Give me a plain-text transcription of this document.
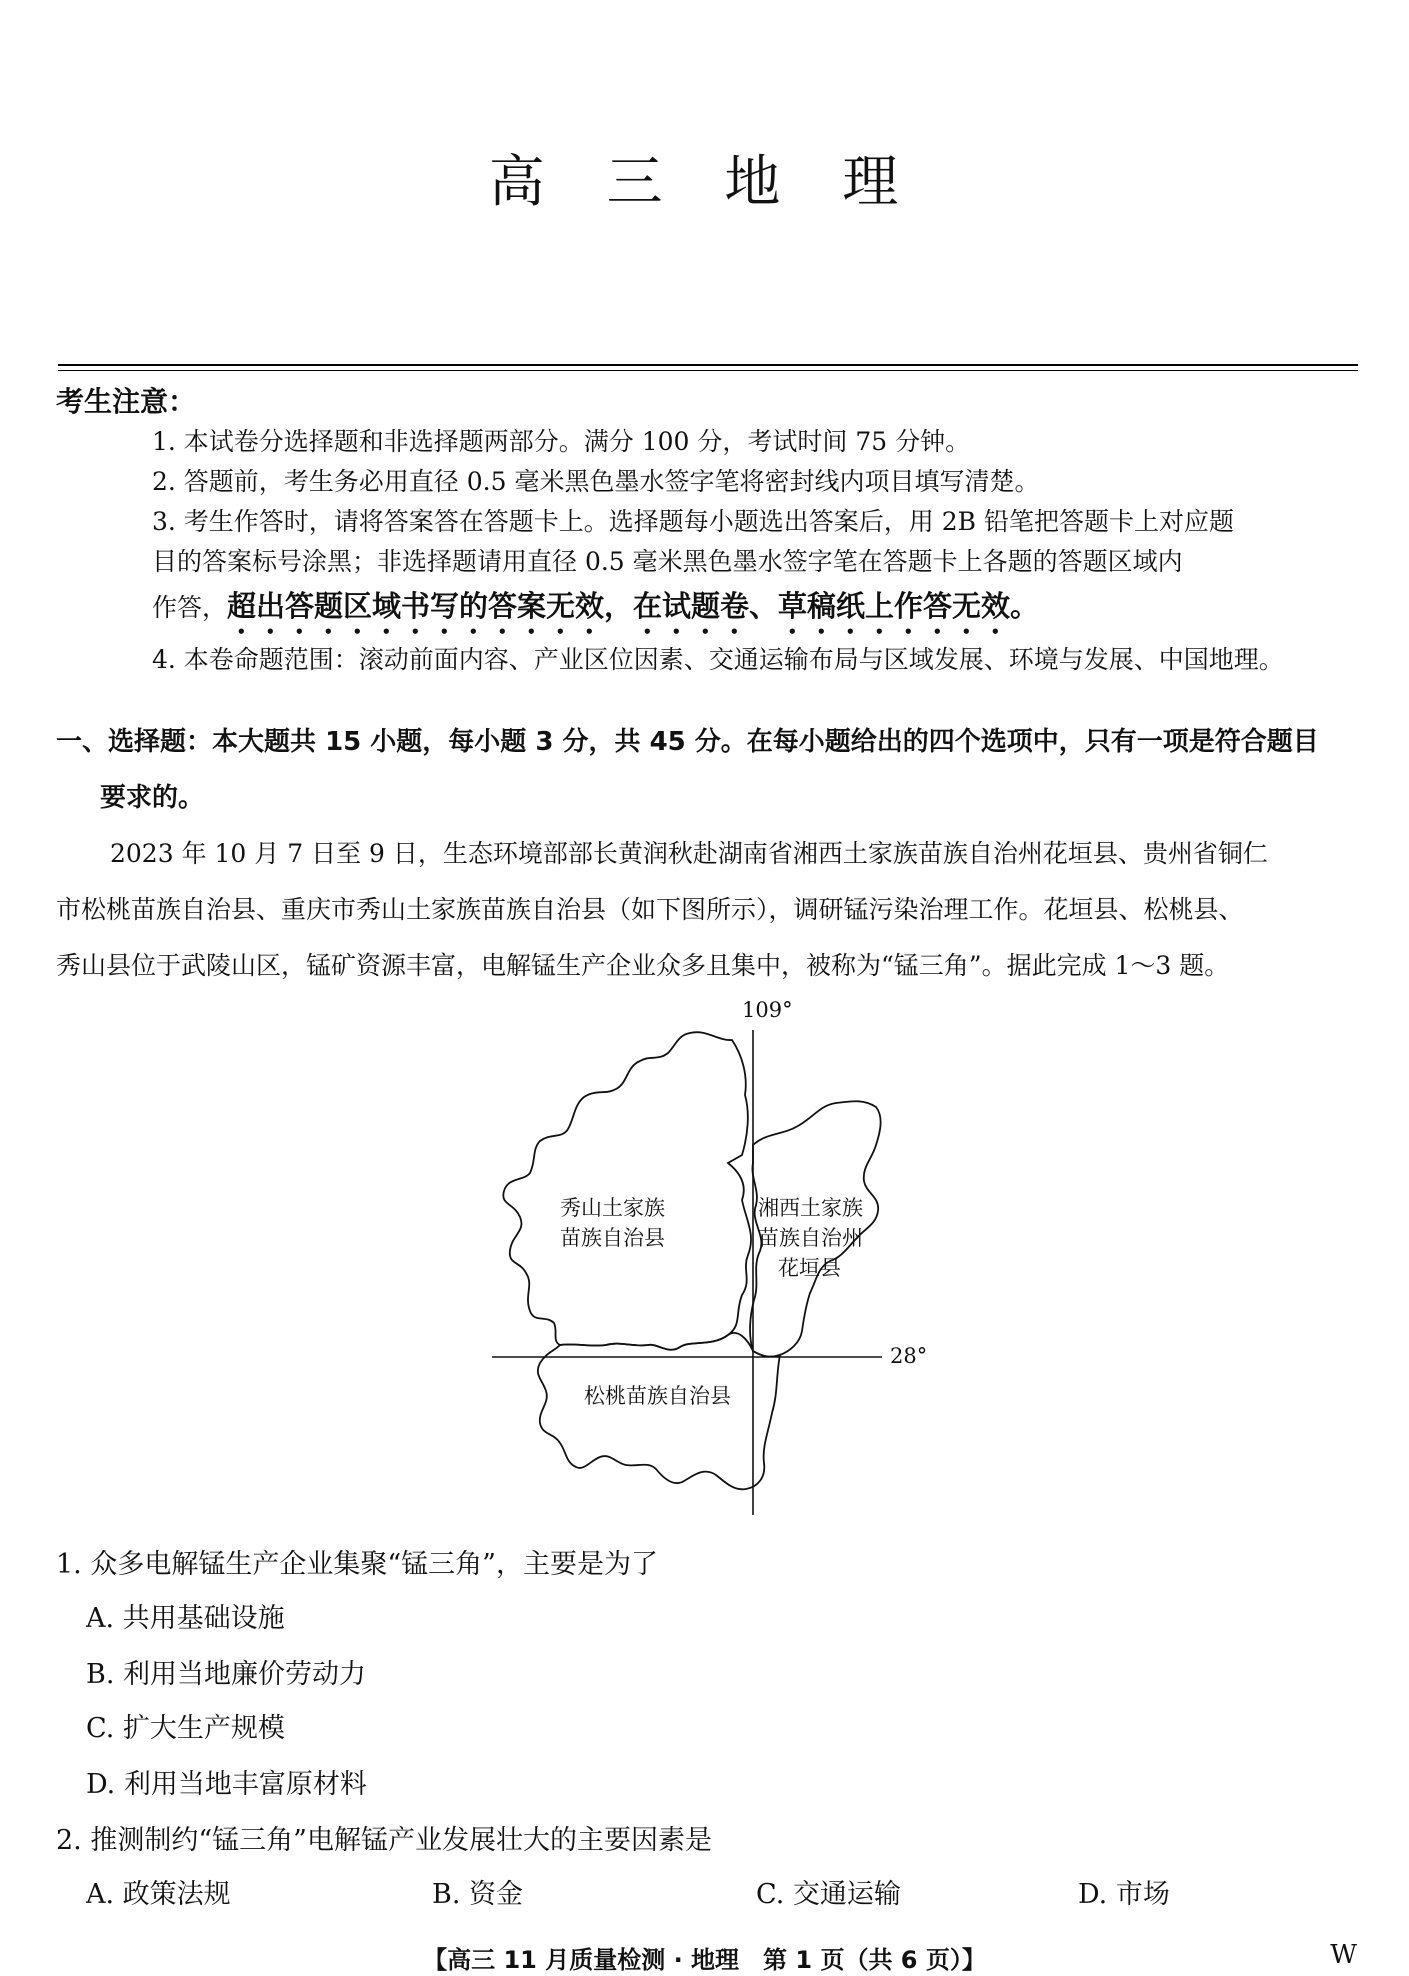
高 三 地 理
考生注意：
1. 本试卷分选择题和非选择题两部分。满分 100 分，考试时间 75 分钟。
2. 答题前，考生务必用直径 0.5 毫米黑色墨水签字笔将密封线内项目填写清楚。
3. 考生作答时，请将答案答在答题卡上。选择题每小题选出答案后，用 2B 铅笔把答题卡上对应题
目的答案标号涂黑；非选择题请用直径 0.5 毫米黑色墨水签字笔在答题卡上各题的答题区域内
作答，超出答题区域书写的答案无效，在试题卷、草稿纸上作答无效。
4. 本卷命题范围：滚动前面内容、产业区位因素、交通运输布局与区域发展、环境与发展、中国地理。
一、选择题：本大题共 15 小题，每小题 3 分，共 45 分。在每小题给出的四个选项中，只有一项是符合题目
要求的。
2023 年 10 月 7 日至 9 日，生态环境部部长黄润秋赴湖南省湘西土家族苗族自治州花垣县、贵州省铜仁
市松桃苗族自治县、重庆市秀山土家族苗族自治县（如下图所示），调研锰污染治理工作。花垣县、松桃县、
秀山县位于武陵山区，锰矿资源丰富，电解锰生产企业众多且集中，被称为“锰三角”。据此完成 1～3 题。
109°
28°
秀山土家族
苗族自治县
湘西土家族
苗族自治州
花垣县
松桃苗族自治县
1. 众多电解锰生产企业集聚“锰三角”，主要是为了
A. 共用基础设施
B. 利用当地廉价劳动力
C. 扩大生产规模
D. 利用当地丰富原材料
2. 推测制约“锰三角”电解锰产业发展壮大的主要因素是
A. 政策法规	B. 资金	C. 交通运输	D. 市场
【高三 11 月质量检测 · 地理　第 1 页（共 6 页）】	W
